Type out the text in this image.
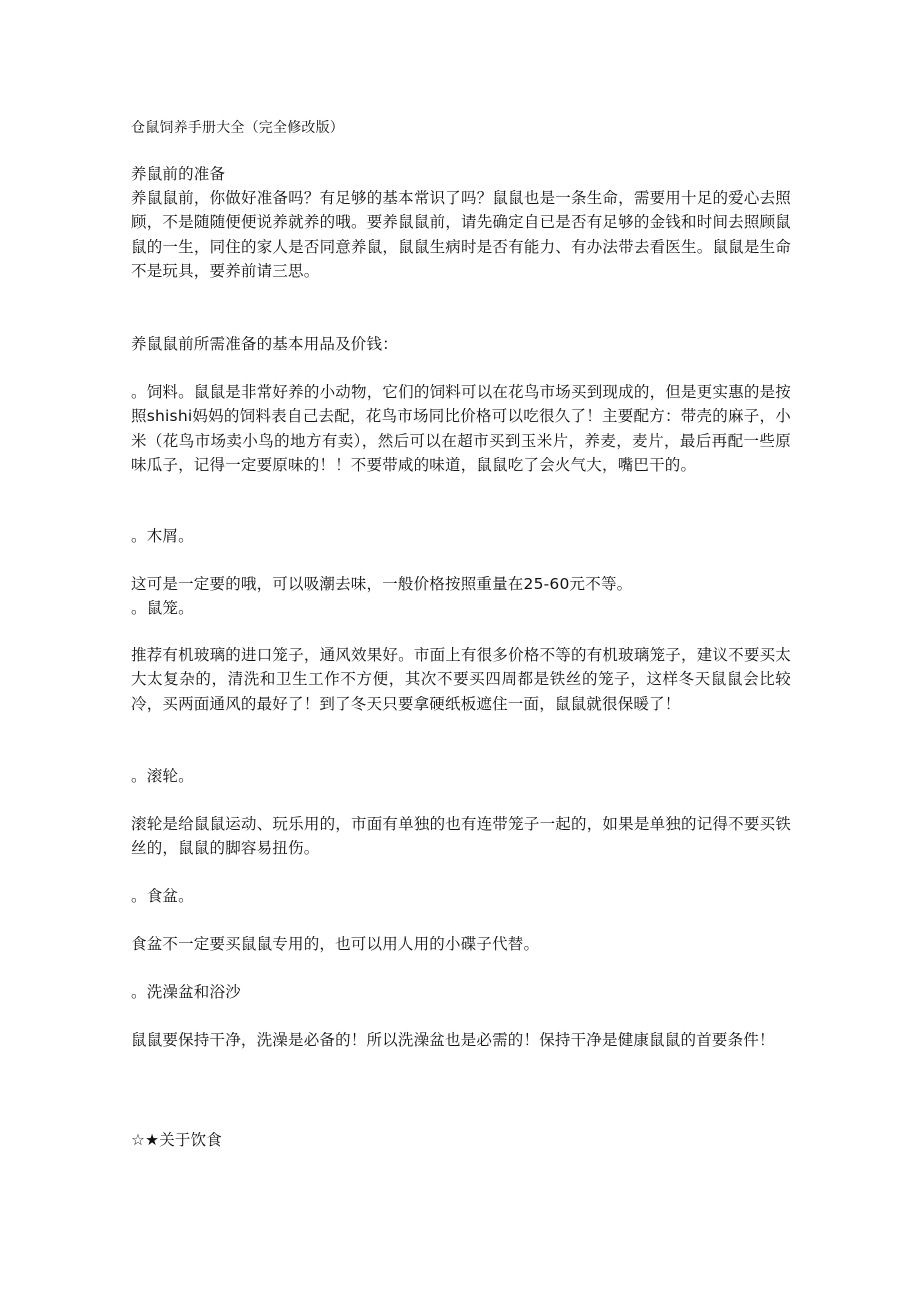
仓鼠饲养手册大全（完全修改版）
养鼠前的准备
养鼠鼠前，你做好准备吗？有足够的基本常识了吗？鼠鼠也是一条生命，需要用十足的爱心去照顾，不是随随便便说养就养的哦。要养鼠鼠前，请先确定自已是否有足够的金钱和时间去照顾鼠鼠的一生，同住的家人是否同意养鼠，鼠鼠生病时是否有能力、有办法带去看医生。鼠鼠是生命不是玩具，要养前请三思。
养鼠鼠前所需准备的基本用品及价钱：
。饲料。鼠鼠是非常好养的小动物，它们的饲料可以在花鸟市场买到现成的，但是更实惠的是按照shishi妈妈的饲料表自己去配，花鸟市场同比价格可以吃很久了！主要配方：带壳的麻子，小米（花鸟市场卖小鸟的地方有卖），然后可以在超市买到玉米片，养麦，麦片，最后再配一些原味瓜子，记得一定要原味的！！不要带咸的味道，鼠鼠吃了会火气大，嘴巴干的。
。木屑。
这可是一定要的哦，可以吸潮去味，一般价格按照重量在25-60元不等。
。鼠笼。
推荐有机玻璃的进口笼子，通风效果好。市面上有很多价格不等的有机玻璃笼子，建议不要买太大太复杂的，清洗和卫生工作不方便，其次不要买四周都是铁丝的笼子，这样冬天鼠鼠会比较冷，买两面通风的最好了！到了冬天只要拿硬纸板遮住一面，鼠鼠就很保暖了！
。滚轮。
滚轮是给鼠鼠运动、玩乐用的，市面有单独的也有连带笼子一起的，如果是单独的记得不要买铁丝的，鼠鼠的脚容易扭伤。
。食盆。
食盆不一定要买鼠鼠专用的，也可以用人用的小碟子代替。
。洗澡盆和浴沙
鼠鼠要保持干净，洗澡是必备的！所以洗澡盆也是必需的！保持干净是健康鼠鼠的首要条件！
☆★关于饮食
